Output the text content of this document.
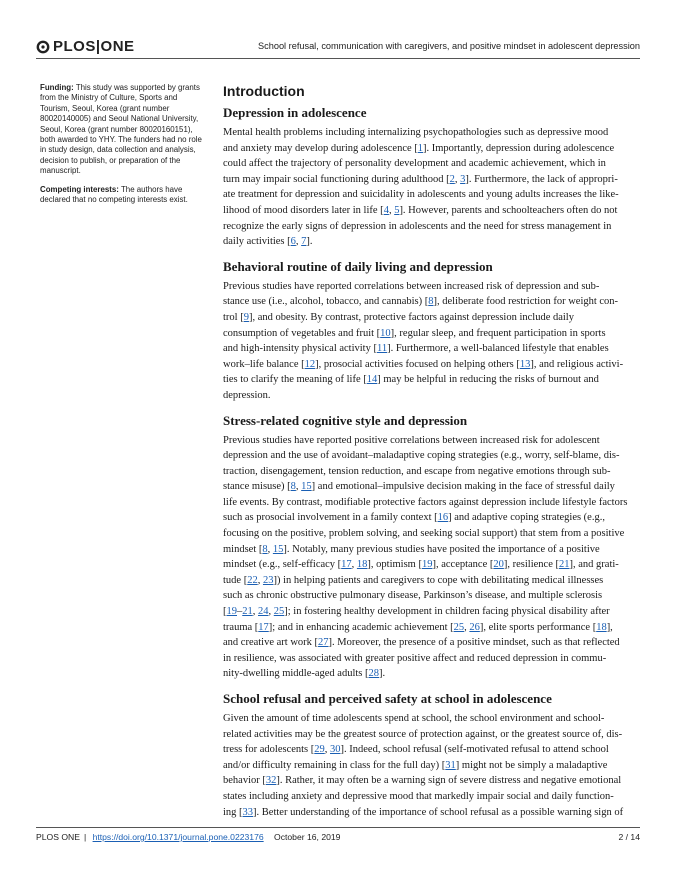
PLOS|ONE	School refusal, communication with caregivers, and positive mindset in adolescent depression

Funding: This study was supported by grants from the Ministry of Culture, Sports and Tourism, Seoul, Korea (grant number 80020140005) and Seoul National University, Seoul, Korea (grant number 80020160151), both awarded to YHY. The funders had no role in study design, data collection and analysis, decision to publish, or preparation of the manuscript.

Competing interests: The authors have declared that no competing interests exist.

Introduction
Depression in adolescence

Mental health problems including internalizing psychopathologies such as depressive mood
and anxiety may develop during adolescence [1]. Importantly, depression during adolescence
could affect the trajectory of personality development and academic achievement, which in
turn may impair social functioning during adulthood [2, 3]. Furthermore, the lack of appropri-
ate treatment for depression and suicidality in adolescents and young adults increases the like-
lihood of mood disorders later in life [4, 5]. However, parents and schoolteachers often do not
recognize the early signs of depression in adolescents and the need for stress management in
daily activities [6, 7].

Behavioral routine of daily living and depression

Previous studies have reported correlations between increased risk of depression and sub-
stance use (i.e., alcohol, tobacco, and cannabis) [8], deliberate food restriction for weight con-
trol [9], and obesity. By contrast, protective factors against depression include daily
consumption of vegetables and fruit [10], regular sleep, and frequent participation in sports
and high-intensity physical activity [11]. Furthermore, a well-balanced lifestyle that enables
work–life balance [12], prosocial activities focused on helping others [13], and religious activi-
ties to clarify the meaning of life [14] may be helpful in reducing the risks of burnout and
depression.

Stress-related cognitive style and depression

Previous studies have reported positive correlations between increased risk for adolescent
depression and the use of avoidant–maladaptive coping strategies (e.g., worry, self-blame, dis-
traction, disengagement, tension reduction, and escape from negative emotions through sub-
stance misuse) [8, 15] and emotional–impulsive decision making in the face of stressful daily
life events. By contrast, modifiable protective factors against depression include lifestyle factors
such as prosocial involvement in a family context [16] and adaptive coping strategies (e.g.,
focusing on the positive, problem solving, and seeking social support) that stem from a positive
mindset [8, 15]. Notably, many previous studies have posited the importance of a positive
mindset (e.g., self-efficacy [17, 18], optimism [19], acceptance [20], resilience [21], and grati-
tude [22, 23]) in helping patients and caregivers to cope with debilitating medical illnesses
such as chronic obstructive pulmonary disease, Parkinson’s disease, and multiple sclerosis
[19–21, 24, 25]; in fostering healthy development in children facing physical disability after
trauma [17]; and in enhancing academic achievement [25, 26], elite sports performance [18],
and creative art work [27]. Moreover, the presence of a positive mindset, such as that reflected
in resilience, was associated with greater positive affect and reduced depression in commu-
nity-dwelling middle-aged adults [28].

School refusal and perceived safety at school in adolescence

Given the amount of time adolescents spend at school, the school environment and school-
related activities may be the greatest source of protection against, or the greatest source of, dis-
tress for adolescents [29, 30]. Indeed, school refusal (self-motivated refusal to attend school
and/or difficulty remaining in class for the full day) [31] might not be simply a maladaptive
behavior [32]. Rather, it may often be a warning sign of severe distress and negative emotional
states including anxiety and depressive mood that markedly impair social and daily function-
ing [33]. Better understanding of the importance of school refusal as a possible warning sign of

PLOS ONE | https://doi.org/10.1371/journal.pone.0223176 October 16, 2019	2 / 14
